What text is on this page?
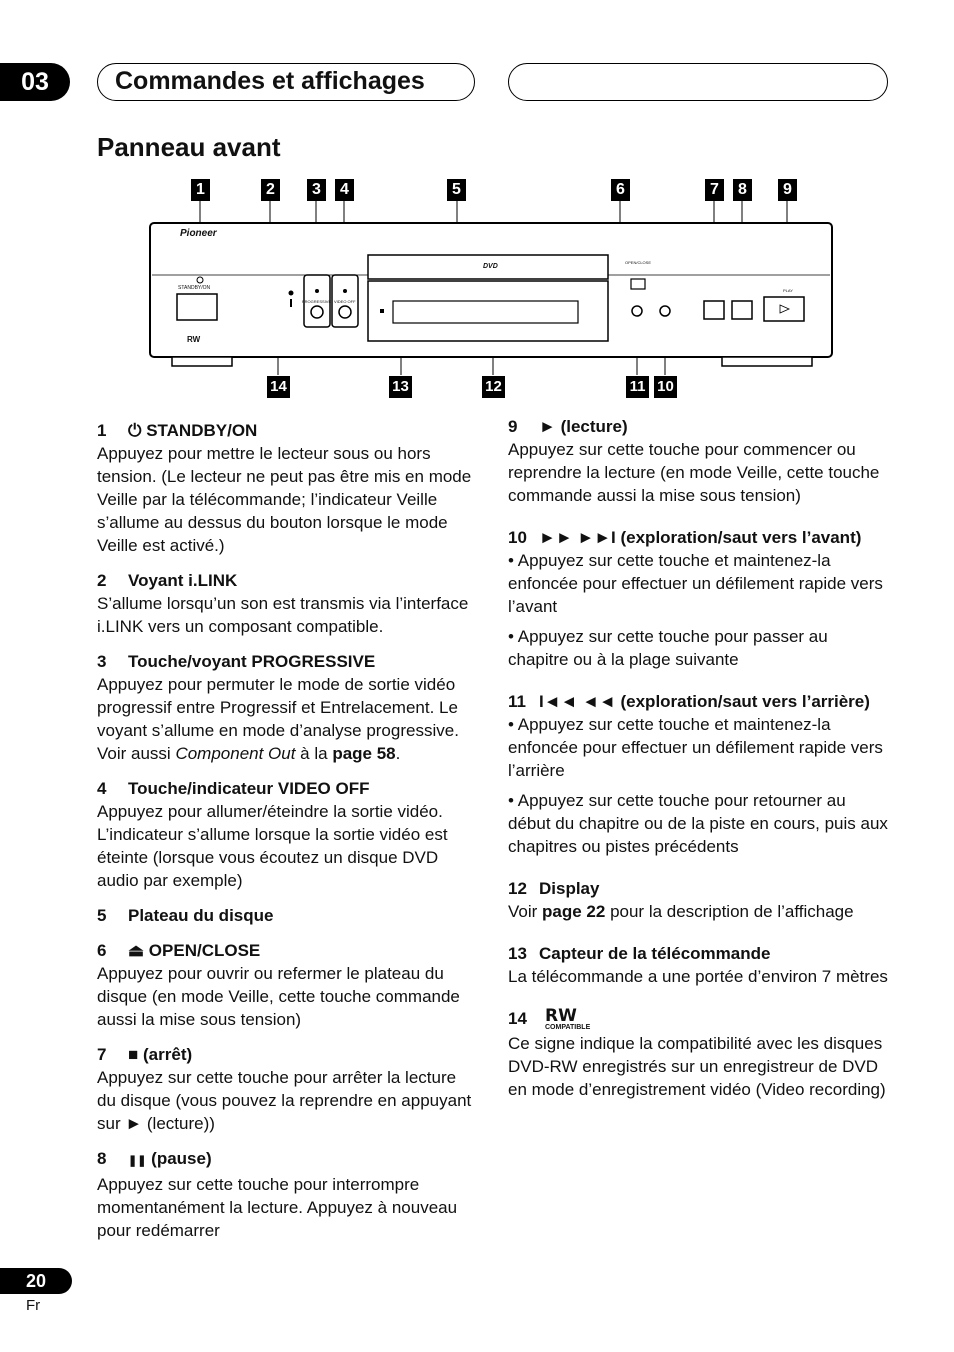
03	Commandes et affichages
Panneau avant
1	2	3	4	5	6	7	8	9
14	13	12	11 10
Pioneer
STANDBY/ON
PROGRESSIVE VIDEO OFF
DVD
OPEN/CLOSE
PLAY
RW
1 ⏻ STANDBY/ON

Appuyez pour mettre le lecteur sous ou hors tension. (Le lecteur ne peut pas être mis en mode Veille par la télécommande; l’indicateur Veille s’allume au dessus du bouton lorsque le mode Veille est activé.)

2 Voyant i.LINK

S’allume lorsqu’un son est transmis via l’interface i.LINK vers un composant compatible.

3 Touche/voyant PROGRESSIVE

Appuyez pour permuter le mode de sortie vidéo progressif entre Progressif et Entrelacement. Le voyant s’allume en mode d’analyse progressive. Voir aussi Component Out à la page 58.

4 Touche/indicateur VIDEO OFF

Appuyez pour allumer/éteindre la sortie vidéo. L’indicateur s’allume lorsque la sortie vidéo est éteinte (lorsque vous écoutez un disque DVD audio par exemple)

5 Plateau du disque
6 ⏏ OPEN/CLOSE

Appuyez pour ouvrir ou refermer le plateau du disque (en mode Veille, cette touche commande aussi la mise sous tension)

7 ■ (arrêt)

Appuyez sur cette touche pour arrêter la lecture du disque (vous pouvez la reprendre en appuyant sur ► (lecture))

8 ❚❚ (pause)

Appuyez sur cette touche pour interrompre momentanément la lecture. Appuyez à nouveau pour redémarrer

9 ► (lecture)

Appuyez sur cette touche pour commencer ou reprendre la lecture (en mode Veille, cette touche commande aussi la mise sous tension)

10 ►► ►►I (exploration/saut vers l’avant)

• Appuyez sur cette touche et maintenez-la enfoncée pour effectuer un défilement rapide vers l’avant

• Appuyez sur cette touche pour passer au chapitre ou à la plage suivante

11 I◄◄ ◄◄ (exploration/saut vers l’arrière)

• Appuyez sur cette touche et maintenez-la enfoncée pour effectuer un défilement rapide vers l’arrière

• Appuyez sur cette touche pour retourner au début du chapitre ou de la piste en cours, puis aux chapitres ou pistes précédents

12 Display

Voir page 22 pour la description de l’affichage

13 Capteur de la télécommande

La télécommande a une portée d’environ 7 mètres

14 RW
COMPATIBLE

Ce signe indique la compatibilité avec les disques DVD-RW enregistrés sur un enregistreur de DVD en mode d’enregistrement vidéo (Video recording)

20
Fr
